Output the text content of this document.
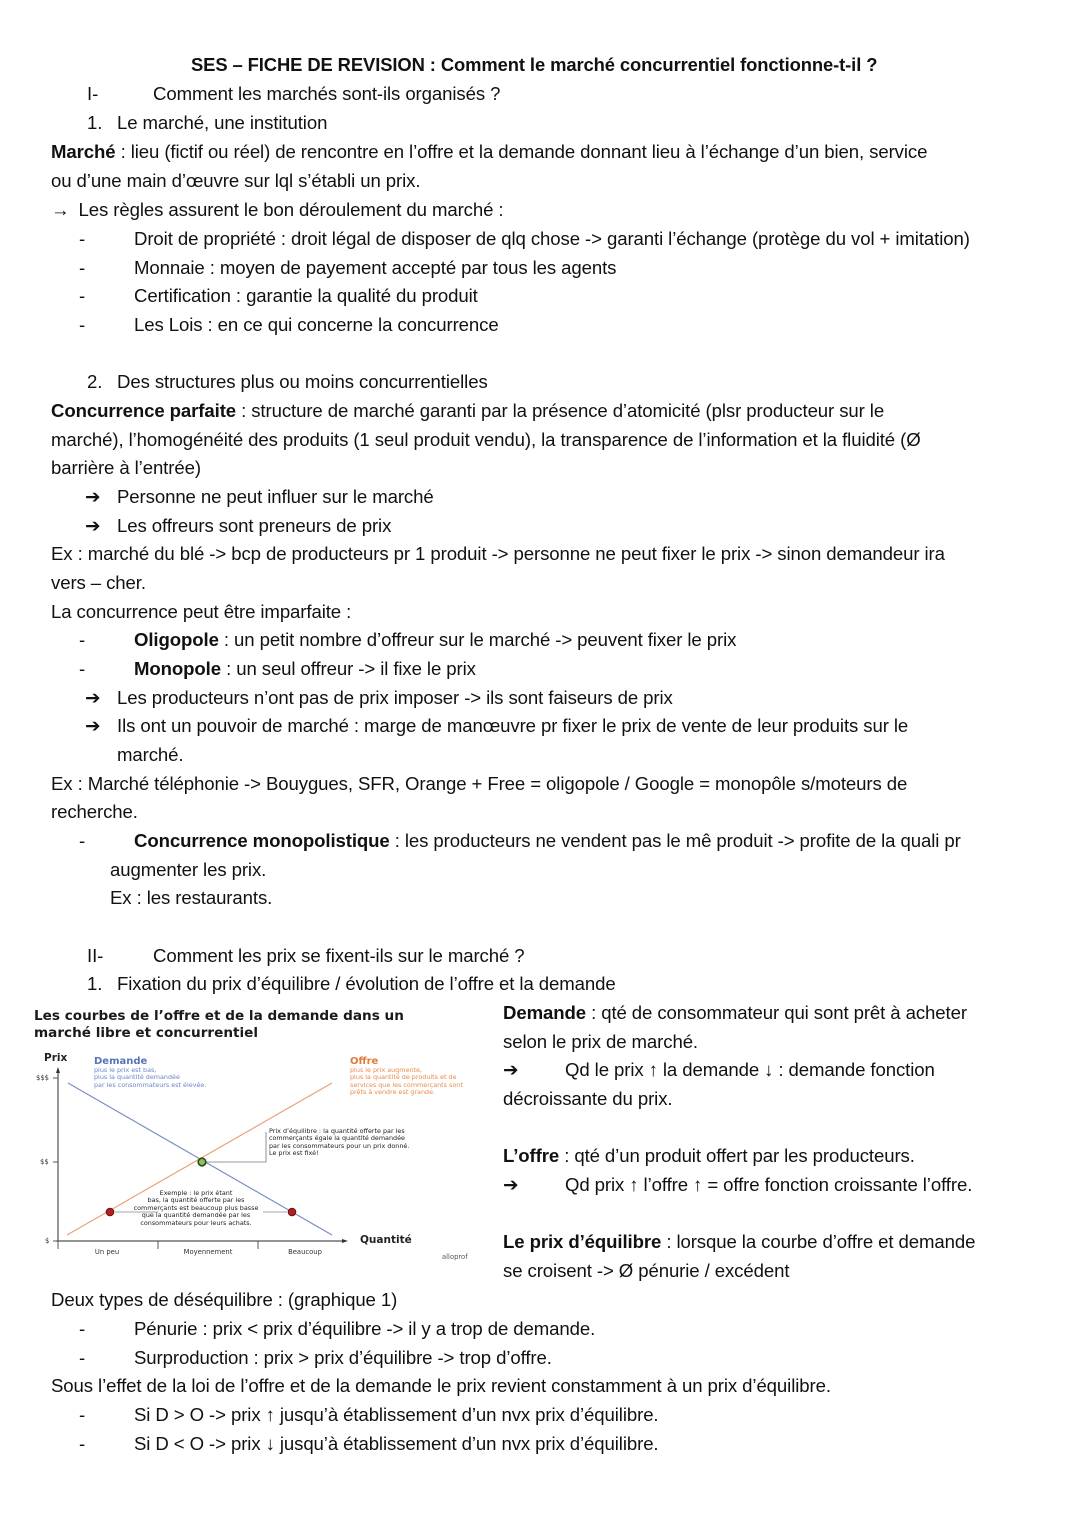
SES – FICHE DE REVISION : Comment le marché concurrentiel fonctionne-t-il ?
I-	Comment les marchés sont-ils organisés ?
1. Le marché, une institution
Marché : lieu (fictif ou réel) de rencontre en l’offre et la demande donnant lieu à l’échange d’un bien, service
ou d’une main d’œuvre sur lql s’établi un prix.
→ Les règles assurent le bon déroulement du marché :
-	Droit de propriété : droit légal de disposer de qlq chose -> garanti l’échange (protège du vol + imitation)
-	Monnaie : moyen de payement accepté par tous les agents
-	Certification : garantie la qualité du produit
-	Les Lois : en ce qui concerne la concurrence
2. Des structures plus ou moins concurrentielles
Concurrence parfaite : structure de marché garanti par la présence d’atomicité (plsr producteur sur le
marché), l’homogénéité des produits (1 seul produit vendu), la transparence de l’information et la fluidité (Ø
barrière à l’entrée)
➔ Personne ne peut influer sur le marché
➔ Les offreurs sont preneurs de prix
Ex : marché du blé -> bcp de producteurs pr 1 produit -> personne ne peut fixer le prix -> sinon demandeur ira
vers – cher.
La concurrence peut être imparfaite :
-	Oligopole : un petit nombre d’offreur sur le marché -> peuvent fixer le prix
-	Monopole : un seul offreur -> il fixe le prix
➔ Les producteurs n’ont pas de prix imposer -> ils sont faiseurs de prix
➔ Ils ont un pouvoir de marché : marge de manœuvre pr fixer le prix de vente de leur produits sur le
marché.
Ex : Marché téléphonie -> Bouygues, SFR, Orange + Free = oligopole / Google = monopôle s/moteurs de
recherche.
-	Concurrence monopolistique : les producteurs ne vendent pas le mê produit -> profite de la quali pr
augmenter les prix.
Ex : les restaurants.
II-	Comment les prix se fixent-ils sur le marché ?
1. Fixation du prix d’équilibre / évolution de l’offre et la demande
Demande : qté de consommateur qui sont prêt à acheter
selon le prix de marché.
➔	Qd le prix ↑ la demande ↓ : demande fonction
décroissante du prix.
L’offre : qté d’un produit offert par les producteurs.
➔	Qd prix ↑ l’offre ↑ = offre fonction croissante l’offre.
Le prix d’équilibre : lorsque la courbe d’offre et demande
se croisent -> Ø pénurie / excédent
Les courbes de l’offre et de la demande dans un marché libre et concurrentiel
Prix
Quantité
$$$
$$
$
Un peu	Moyennement	Beaucoup
Demande
plus le prix est bas,
plus la quantité demandée
par les consommateurs est élevée.
Offre
plus le prix augmente,
plus la quantité de produits et de
services que les commerçants sont
prêts à vendre est grande.
Prix d’équilibre : la quantité offerte par les
commerçants égale la quantité demandée
par les consommateurs pour un prix donné.
Le prix est fixé!
Exemple : le prix étant
bas, la quantité offerte par les
commerçants est beaucoup plus basse
que la quantité demandée par les
consommateurs pour leurs achats.
alloprof
Deux types de déséquilibre : (graphique 1)
-	Pénurie : prix < prix d’équilibre -> il y a trop de demande.
-	Surproduction : prix > prix d’équilibre -> trop d’offre.
Sous l’effet de la loi de l’offre et de la demande le prix revient constamment à un prix d’équilibre.
-	Si D > O -> prix ↑ jusqu’à établissement d’un nvx prix d’équilibre.
-	Si D < O -> prix ↓ jusqu’à établissement d’un nvx prix d’équilibre.
